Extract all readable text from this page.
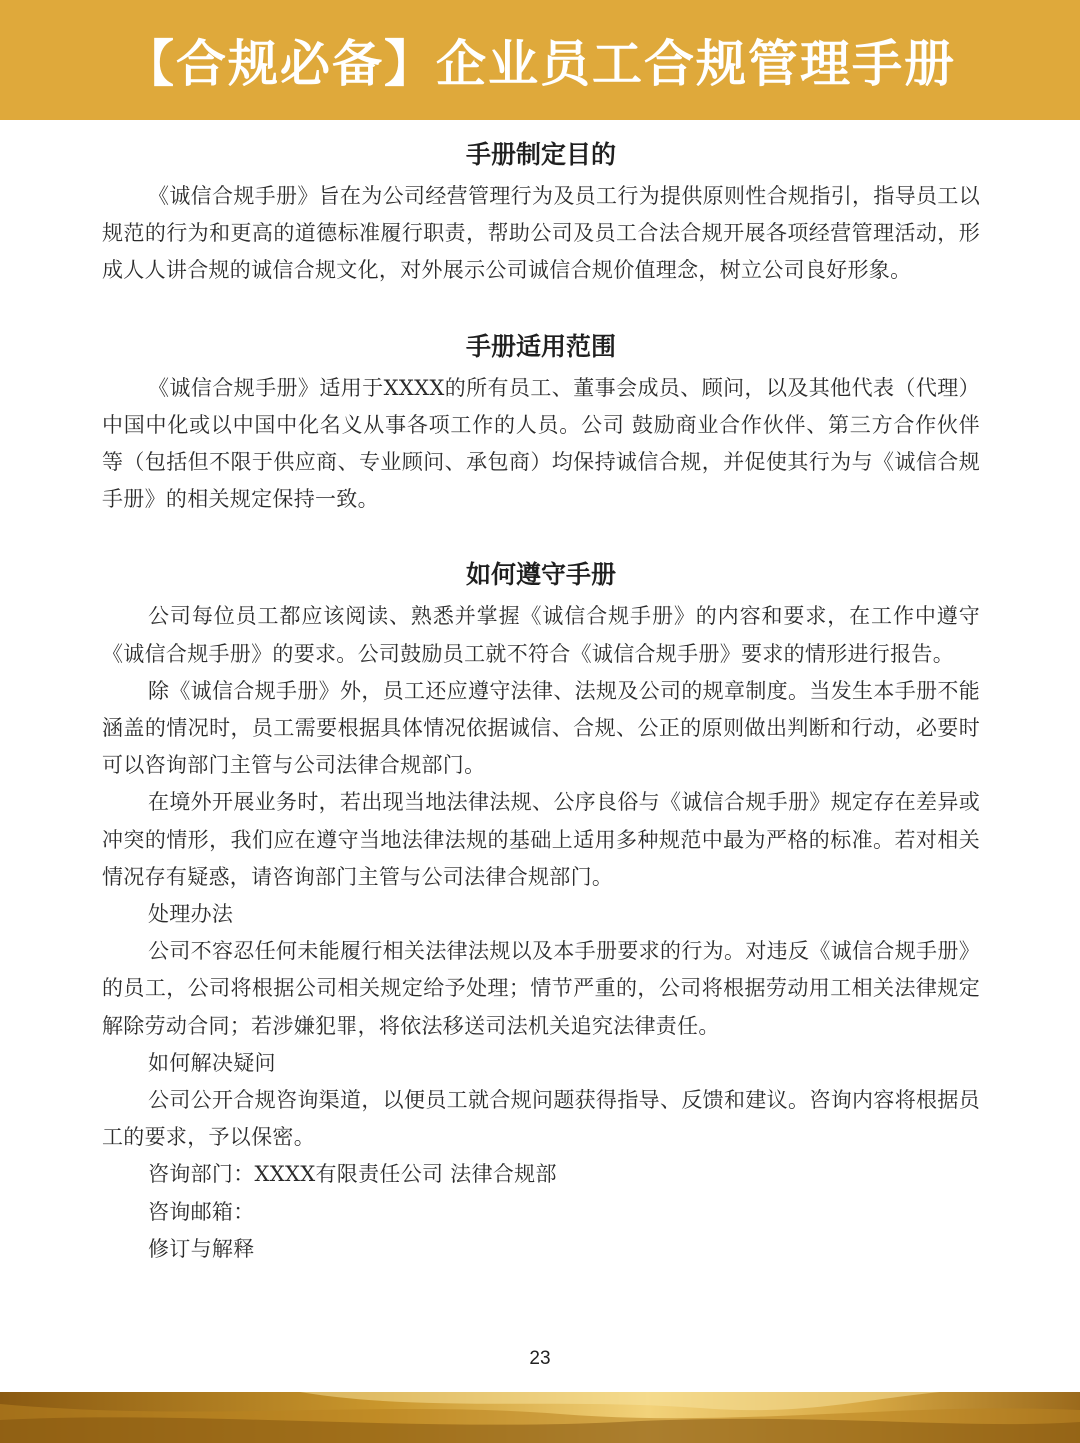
【合规必备】企业员工合规管理手册
手册制定目的

《诚信合规手册》旨在为公司经营管理行为及员工行为提供原则性合规指引，指导员工以规范的行为和更高的道德标准履行职责，帮助公司及员工合法合规开展各项经营管理活动，形成人人讲合规的诚信合规文化，对外展示公司诚信合规价值理念，树立公司良好形象。

手册适用范围

《诚信合规手册》适用于XXXX的所有员工、董事会成员、顾问，以及其他代表（代理）中国中化或以中国中化名义从事各项工作的人员。公司 鼓励商业合作伙伴、第三方合作伙伴等（包括但不限于供应商、专业顾问、承包商）均保持诚信合规，并促使其行为与《诚信合规手册》的相关规定保持一致。

如何遵守手册

公司每位员工都应该阅读、熟悉并掌握《诚信合规手册》的内容和要求，在工作中遵守《诚信合规手册》的要求。公司鼓励员工就不符合《诚信合规手册》要求的情形进行报告。

除《诚信合规手册》外，员工还应遵守法律、法规及公司的规章制度。当发生本手册不能涵盖的情况时，员工需要根据具体情况依据诚信、合规、公正的原则做出判断和行动，必要时可以咨询部门主管与公司法律合规部门。

在境外开展业务时，若出现当地法律法规、公序良俗与《诚信合规手册》规定存在差异或冲突的情形，我们应在遵守当地法律法规的基础上适用多种规范中最为严格的标准。若对相关情况存有疑惑，请咨询部门主管与公司法律合规部门。

处理办法

公司不容忍任何未能履行相关法律法规以及本手册要求的行为。对违反《诚信合规手册》的员工，公司将根据公司相关规定给予处理；情节严重的，公司将根据劳动用工相关法律规定解除劳动合同；若涉嫌犯罪，将依法移送司法机关追究法律责任。

如何解决疑问

公司公开合规咨询渠道，以便员工就合规问题获得指导、反馈和建议。咨询内容将根据员工的要求，予以保密。

咨询部门：XXXX有限责任公司 法律合规部

咨询邮箱：

修订与解释

23
